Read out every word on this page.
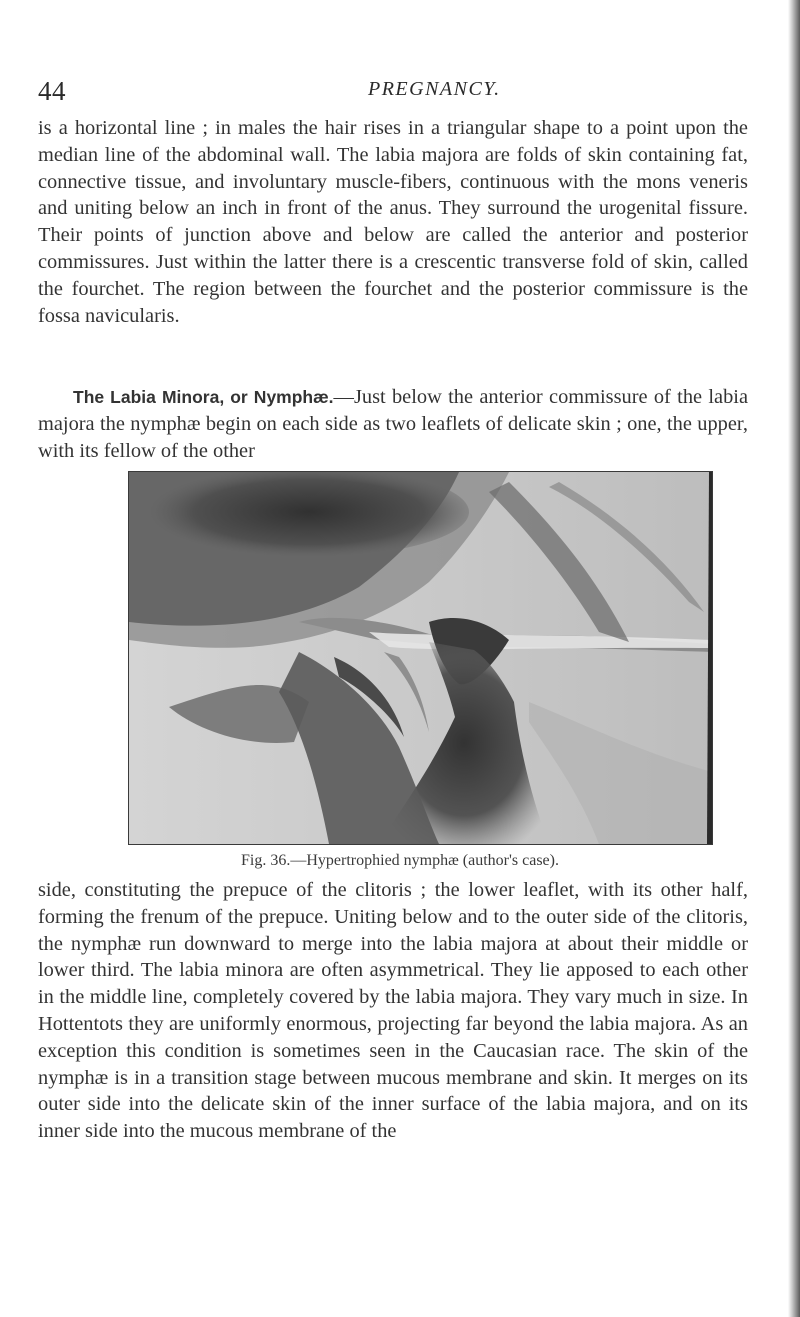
44	PREGNANCY.

is a horizontal line ; in males the hair rises in a triangular shape to a point upon the median line of the abdominal wall. The labia majora are folds of skin containing fat, connective tissue, and involuntary muscle-fibers, continuous with the mons veneris and uniting below an inch in front of the anus. They surround the urogenital fissure. Their points of junction above and below are called the anterior and posterior commissures. Just within the latter there is a crescentic transverse fold of skin, called the fourchet. The region between the fourchet and the posterior commissure is the fossa navicularis.

The Labia Minora, or Nymphæ.—Just below the anterior commissure of the labia majora the nymphæ begin on each side as two leaflets of delicate skin ; one, the upper, with its fellow of the other

Fig. 36.—Hypertrophied nymphæ (author's case).

side, constituting the prepuce of the clitoris ; the lower leaflet, with its other half, forming the frenum of the prepuce. Uniting below and to the outer side of the clitoris, the nymphæ run downward to merge into the labia majora at about their middle or lower third. The labia minora are often asymmetrical. They lie apposed to each other in the middle line, completely covered by the labia majora. They vary much in size. In Hottentots they are uniformly enormous, projecting far beyond the labia majora. As an exception this condition is sometimes seen in the Caucasian race. The skin of the nymphæ is in a transition stage between mucous membrane and skin. It merges on its outer side into the delicate skin of the inner surface of the labia majora, and on its inner side into the mucous membrane of the
